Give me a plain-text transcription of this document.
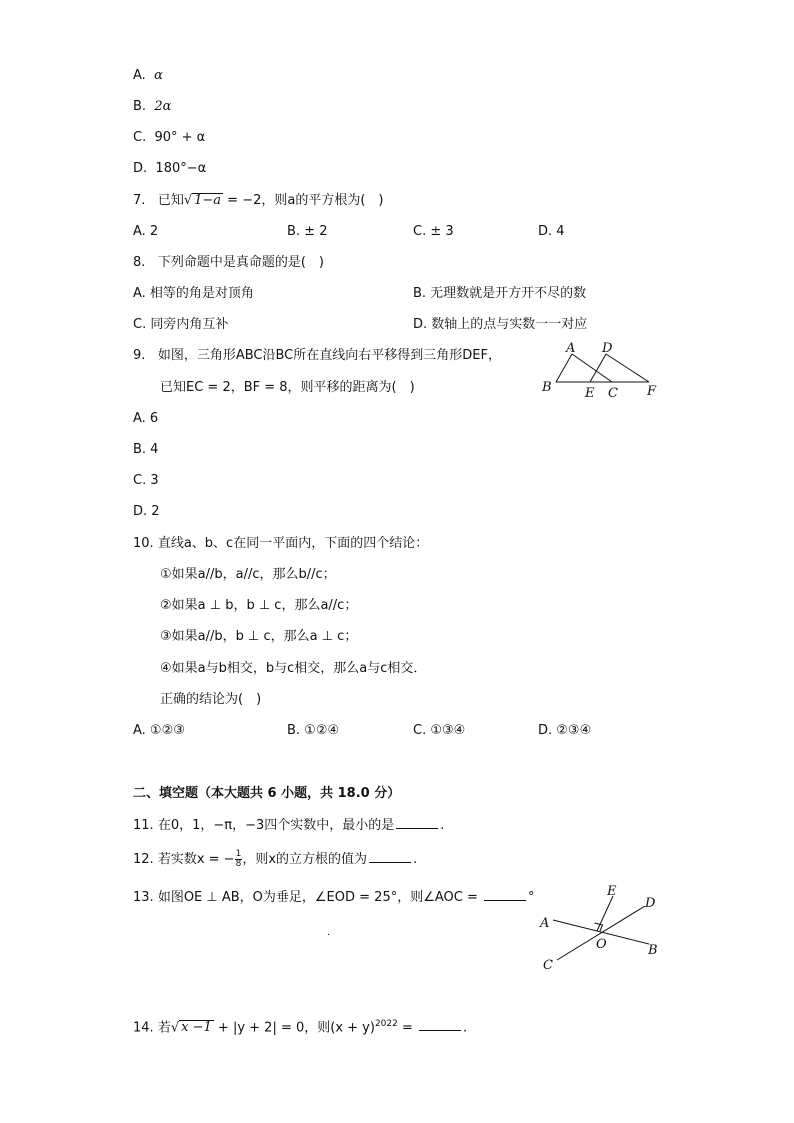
A. α
B. 2α
C. 90° + α
D. 180°−α
7. 已知√ 1−a = −2，则a的平方根为(　)
A. 2	B. ± 2	C. ± 3	D. 4
8. 下列命题中是真命题的是(　)
A. 相等的角是对顶角	B. 无理数就是开方开不尽的数
C. 同旁内角互补	D. 数轴上的点与实数一一对应
9. 如图，三角形ABC沿BC所在直线向右平移得到三角形DEF，
已知EC = 2，BF = 8，则平移的距离为(　)
A D
B	E C F
A. 6
B. 4
C. 3
D. 2
10. 直线a、b、c在同一平面内，下面的四个结论：
①如果a//b，a//c，那么b//c；
②如果a ⊥ b，b ⊥ c，那么a//c；
③如果a//b，b ⊥ c，那么a ⊥ c；
④如果a与b相交，b与c相交，那么a与c相交．
正确的结论为(　)
A. ①②③	B. ①②④	C. ①③④	D. ②③④
二、填空题（本大题共 6 小题，共 18.0 分）
11. 在0，1，−π，−3四个实数中，最小的是	.
12. 若实数x = − $\frac{1}{8}$ ，则x的立方根的值为	.
13. 如图OE ⊥ AB，O为垂足，∠EOD = 25°，则∠AOC =	°
.
E
D
A
O	B
C
14. 若√ x −1 + |y + 2| = 0，则$(x + y)^{2022}$ =	.
